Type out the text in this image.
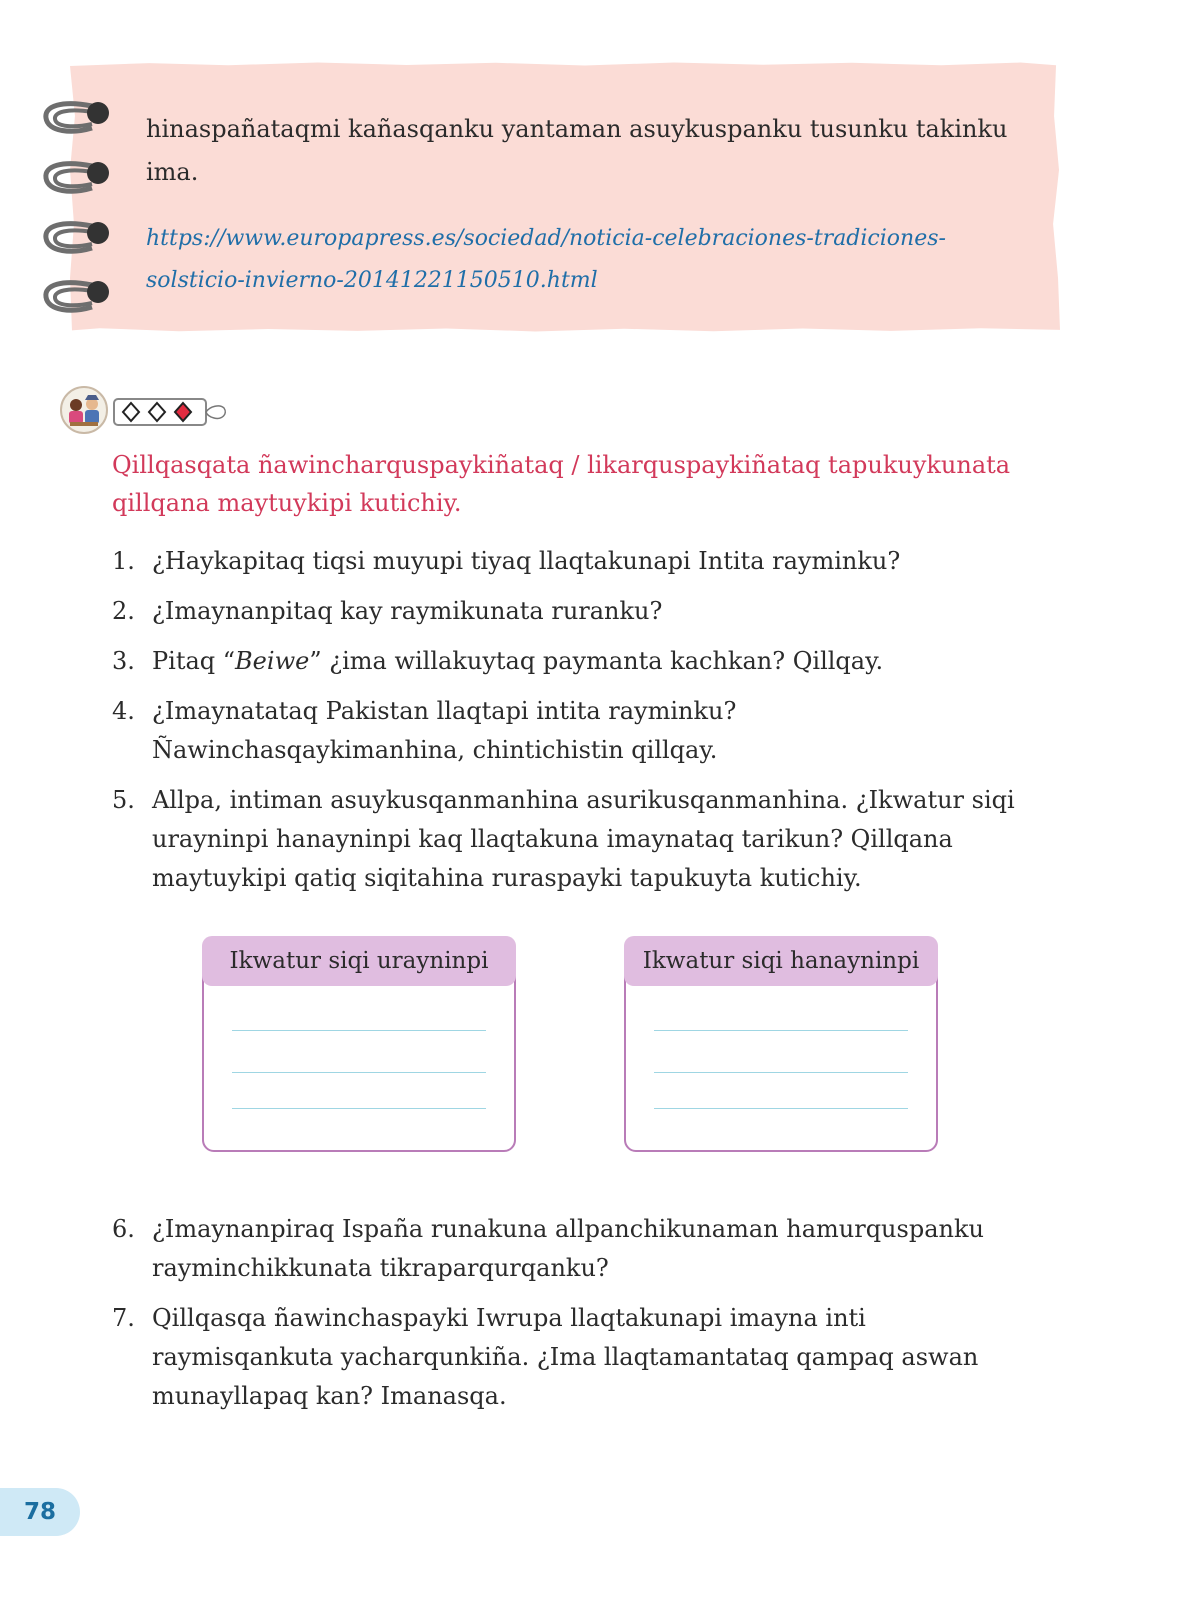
hinaspañataqmi kañasqanku yantaman asuykuspanku tusunku takinku ima.
https://www.europapress.es/sociedad/noticia-celebraciones-tradiciones-solsticio-invierno-20141221150510.html
Qillqasqata ñawincharquspaykiñataq / likarquspaykiñataq tapukuykunata qillqana maytuykipi kutichiy.
1. ¿Haykapitaq tiqsi muyupi tiyaq llaqtakunapi Intita rayminku?
2. ¿Imaynanpitaq kay raymikunata ruranku?
3. Pitaq “Beiwe” ¿ima willakuytaq paymanta kachkan? Qillqay.
4. ¿Imaynatataq Pakistan llaqtapi intita rayminku? Ñawinchasqaykimanhina, chintichistin qillqay.
5. Allpa, intiman asuykusqanmanhina asurikusqanmanhina. ¿Ikwatur siqi urayninpi hanayninpi kaq llaqtakuna imaynataq tarikun? Qillqana maytuykipi qatiq siqitahina ruraspayki tapukuyta kutichiy.
Ikwatur siqi urayninpi	Ikwatur siqi hanayninpi
6. ¿Imaynanpiraq Ispaña runakuna allpanchikunaman hamurquspanku rayminchikkunata tikraparqurqanku?
7. Qillqasqa ñawinchaspayki Iwrupa llaqtakunapi imayna inti raymisqankuta yacharqunkiña. ¿Ima llaqtamantataq qampaq aswan munayllapaq kan? Imanasqa.
78
